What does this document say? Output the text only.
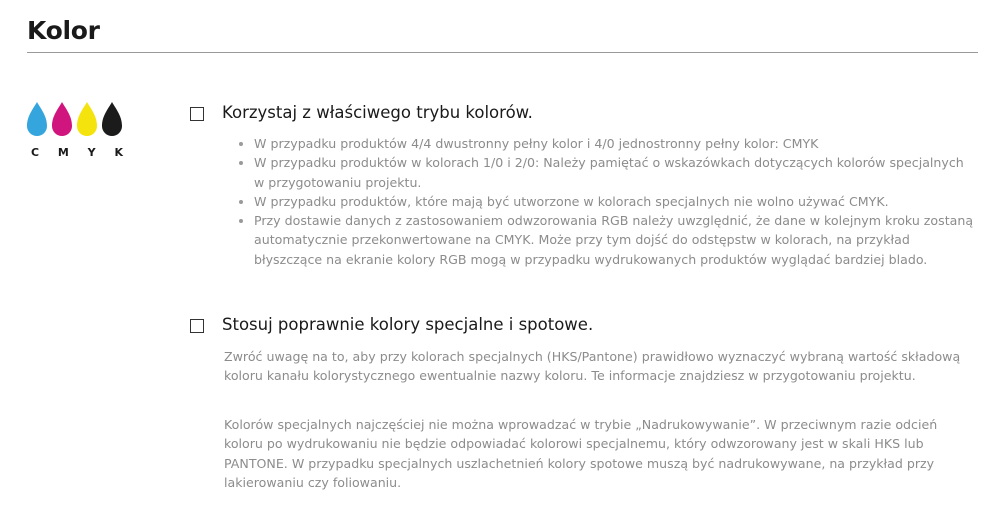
Kolor
C M Y K
Korzystaj z właściwego trybu kolorów.
• W przypadku produktów 4/4 dwustronny pełny kolor i 4/0 jednostronny pełny kolor: CMYK
• W przypadku produktów w kolorach 1/0 i 2/0: Należy pamiętać o wskazówkach dotyczących kolorów specjalnych w przygotowaniu projektu.
• W przypadku produktów, które mają być utworzone w kolorach specjalnych nie wolno używać CMYK.
• Przy dostawie danych z zastosowaniem odwzorowania RGB należy uwzględnić, że dane w kolejnym kroku zostaną automatycznie przekonwertowane na CMYK. Może przy tym dojść do odstępstw w kolorach, na przykład błyszczące na ekranie kolory RGB mogą w przypadku wydrukowanych produktów wyglądać bardziej blado.
Stosuj poprawnie kolory specjalne i spotowe.

Zwróć uwagę na to, aby przy kolorach specjalnych (HKS/Pantone) prawidłowo wyznaczyć wybraną wartość składową koloru kanału kolorystycznego ewentualnie nazwy koloru. Te informacje znajdziesz w przygotowaniu projektu.

Kolorów specjalnych najczęściej nie można wprowadzać w trybie „Nadrukowywanie”. W przeciwnym razie odcień koloru po wydrukowaniu nie będzie odpowiadać kolorowi specjalnemu, który odwzorowany jest w skali HKS lub PANTONE. W przypadku specjalnych uszlachetnień kolory spotowe muszą być nadrukowywane, na przykład przy lakierowaniu czy foliowaniu.
